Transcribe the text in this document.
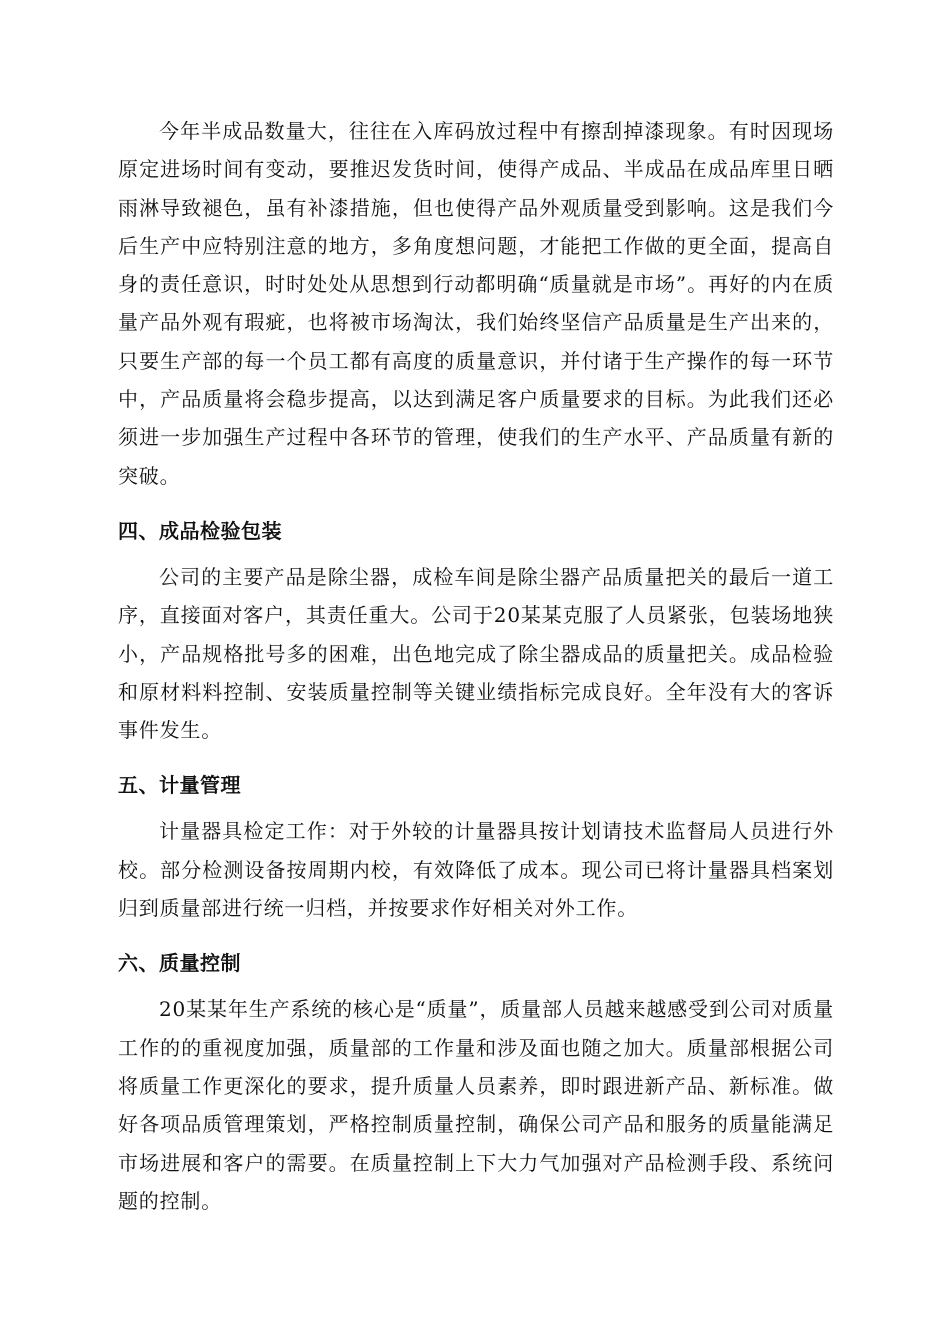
今年半成品数量大，往往在入库码放过程中有擦刮掉漆现象。有时因现场原定进场时间有变动，要推迟发货时间，使得产成品、半成品在成品库里日晒雨淋导致褪色，虽有补漆措施，但也使得产品外观质量受到影响。这是我们今后生产中应特别注意的地方，多角度想问题，才能把工作做的更全面，提高自身的责任意识，时时处处从思想到行动都明确“质量就是市场”。再好的内在质量产品外观有瑕疵，也将被市场淘汰，我们始终坚信产品质量是生产出来的，只要生产部的每一个员工都有高度的质量意识，并付诸于生产操作的每一环节中，产品质量将会稳步提高，以达到满足客户质量要求的目标。为此我们还必须进一步加强生产过程中各环节的管理，使我们的生产水平、产品质量有新的突破。

四、成品检验包装

公司的主要产品是除尘器，成检车间是除尘器产品质量把关的最后一道工序，直接面对客户，其责任重大。公司于20某某克服了人员紧张，包装场地狭小，产品规格批号多的困难，出色地完成了除尘器成品的质量把关。成品检验和原材料料控制、安装质量控制等关键业绩指标完成良好。全年没有大的客诉事件发生。

五、计量管理

计量器具检定工作：对于外较的计量器具按计划请技术监督局人员进行外校。部分检测设备按周期内校，有效降低了成本。现公司已将计量器具档案划归到质量部进行统一归档，并按要求作好相关对外工作。

六、质量控制

20某某年生产系统的核心是“质量”，质量部人员越来越感受到公司对质量工作的的重视度加强，质量部的工作量和涉及面也随之加大。质量部根据公司将质量工作更深化的要求，提升质量人员素养，即时跟进新产品、新标准。做好各项品质管理策划，严格控制质量控制，确保公司产品和服务的质量能满足市场进展和客户的需要。在质量控制上下大力气加强对产品检测手段、系统问题的控制。
